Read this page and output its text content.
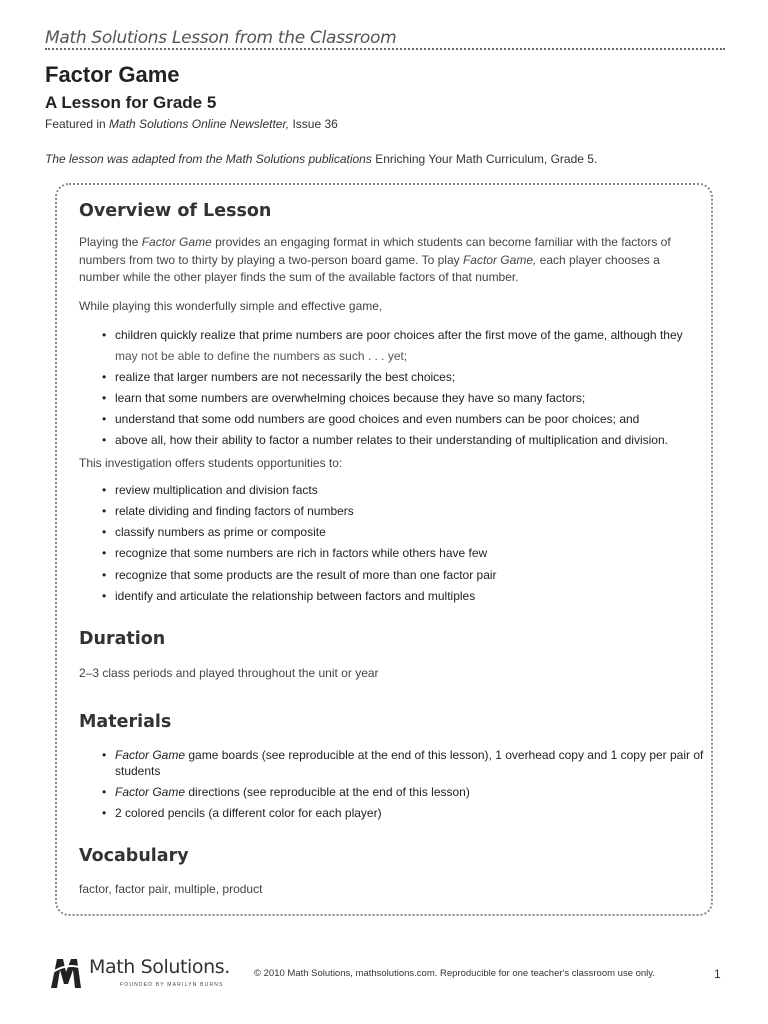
Math Solutions Lesson from the Classroom
Factor Game
A Lesson for Grade 5
Featured in Math Solutions Online Newsletter, Issue 36
The lesson was adapted from the Math Solutions publications Enriching Your Math Curriculum, Grade 5.
Overview of Lesson

Playing the Factor Game provides an engaging format in which students can become familiar with the factors of numbers from two to thirty by playing a two-person board game. To play Factor Game, each player chooses a number while the other player finds the sum of the available factors of that number.

While playing this wonderfully simple and effective game,

• children quickly realize that prime numbers are poor choices after the first move of the game, although they
may not be able to define the numbers as such . . . yet;
• realize that larger numbers are not necessarily the best choices;
• learn that some numbers are overwhelming choices because they have so many factors;
• understand that some odd numbers are good choices and even numbers can be poor choices; and
• above all, how their ability to factor a number relates to their understanding of multiplication and division.

This investigation offers students opportunities to:

• review multiplication and division facts
• relate dividing and finding factors of numbers
• classify numbers as prime or composite
• recognize that some numbers are rich in factors while others have few
• recognize that some products are the result of more than one factor pair
• identify and articulate the relationship between factors and multiples
Duration

2–3 class periods and played throughout the unit or year

Materials
• Factor Game game boards (see reproducible at the end of this lesson), 1 overhead copy and 1 copy per pair of students
• Factor Game directions (see reproducible at the end of this lesson)
• 2 colored pencils (a different color for each player)
Vocabulary

factor, factor pair, multiple, product

Math Solutions.
FOUNDED BY MARILYN BURNS
© 2010 Math Solutions, mathsolutions.com. Reproducible for one teacher's classroom use only.	1
